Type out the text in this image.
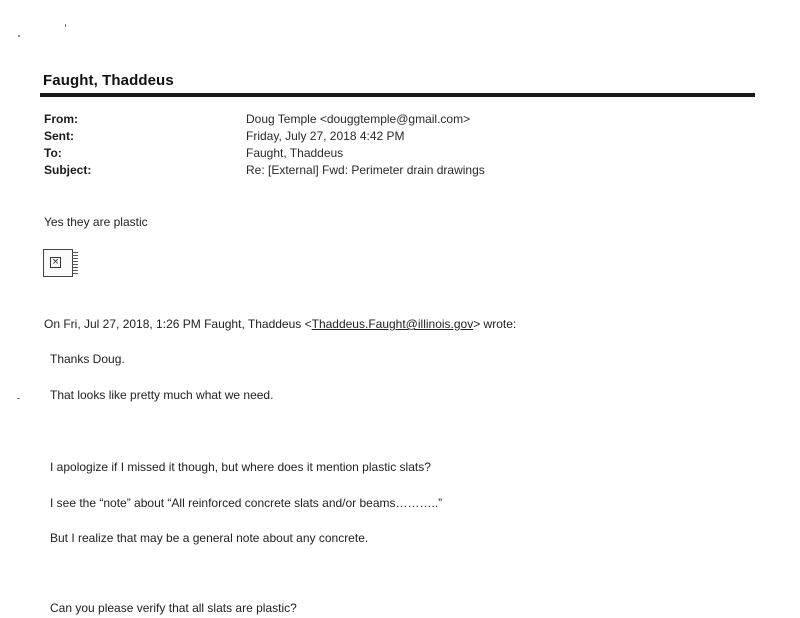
Faught, Thaddeus
From:	Doug Temple <douggtemple@gmail.com>
Sent:	Friday, July 27, 2018 4:42 PM
To:	Faught, Thaddeus
Subject:	Re: [External] Fwd: Perimeter drain drawings
Yes they are plastic
×
On Fri, Jul 27, 2018, 1:26 PM Faught, Thaddeus <Thaddeus.Faught@illinois.gov> wrote:
Thanks Doug.
That looks like pretty much what we need.
I apologize if I missed it though, but where does it mention plastic slats?
I see the “note” about “All reinforced concrete slats and/or beams………..”
But I realize that may be a general note about any concrete.
Can you please verify that all slats are plastic?
